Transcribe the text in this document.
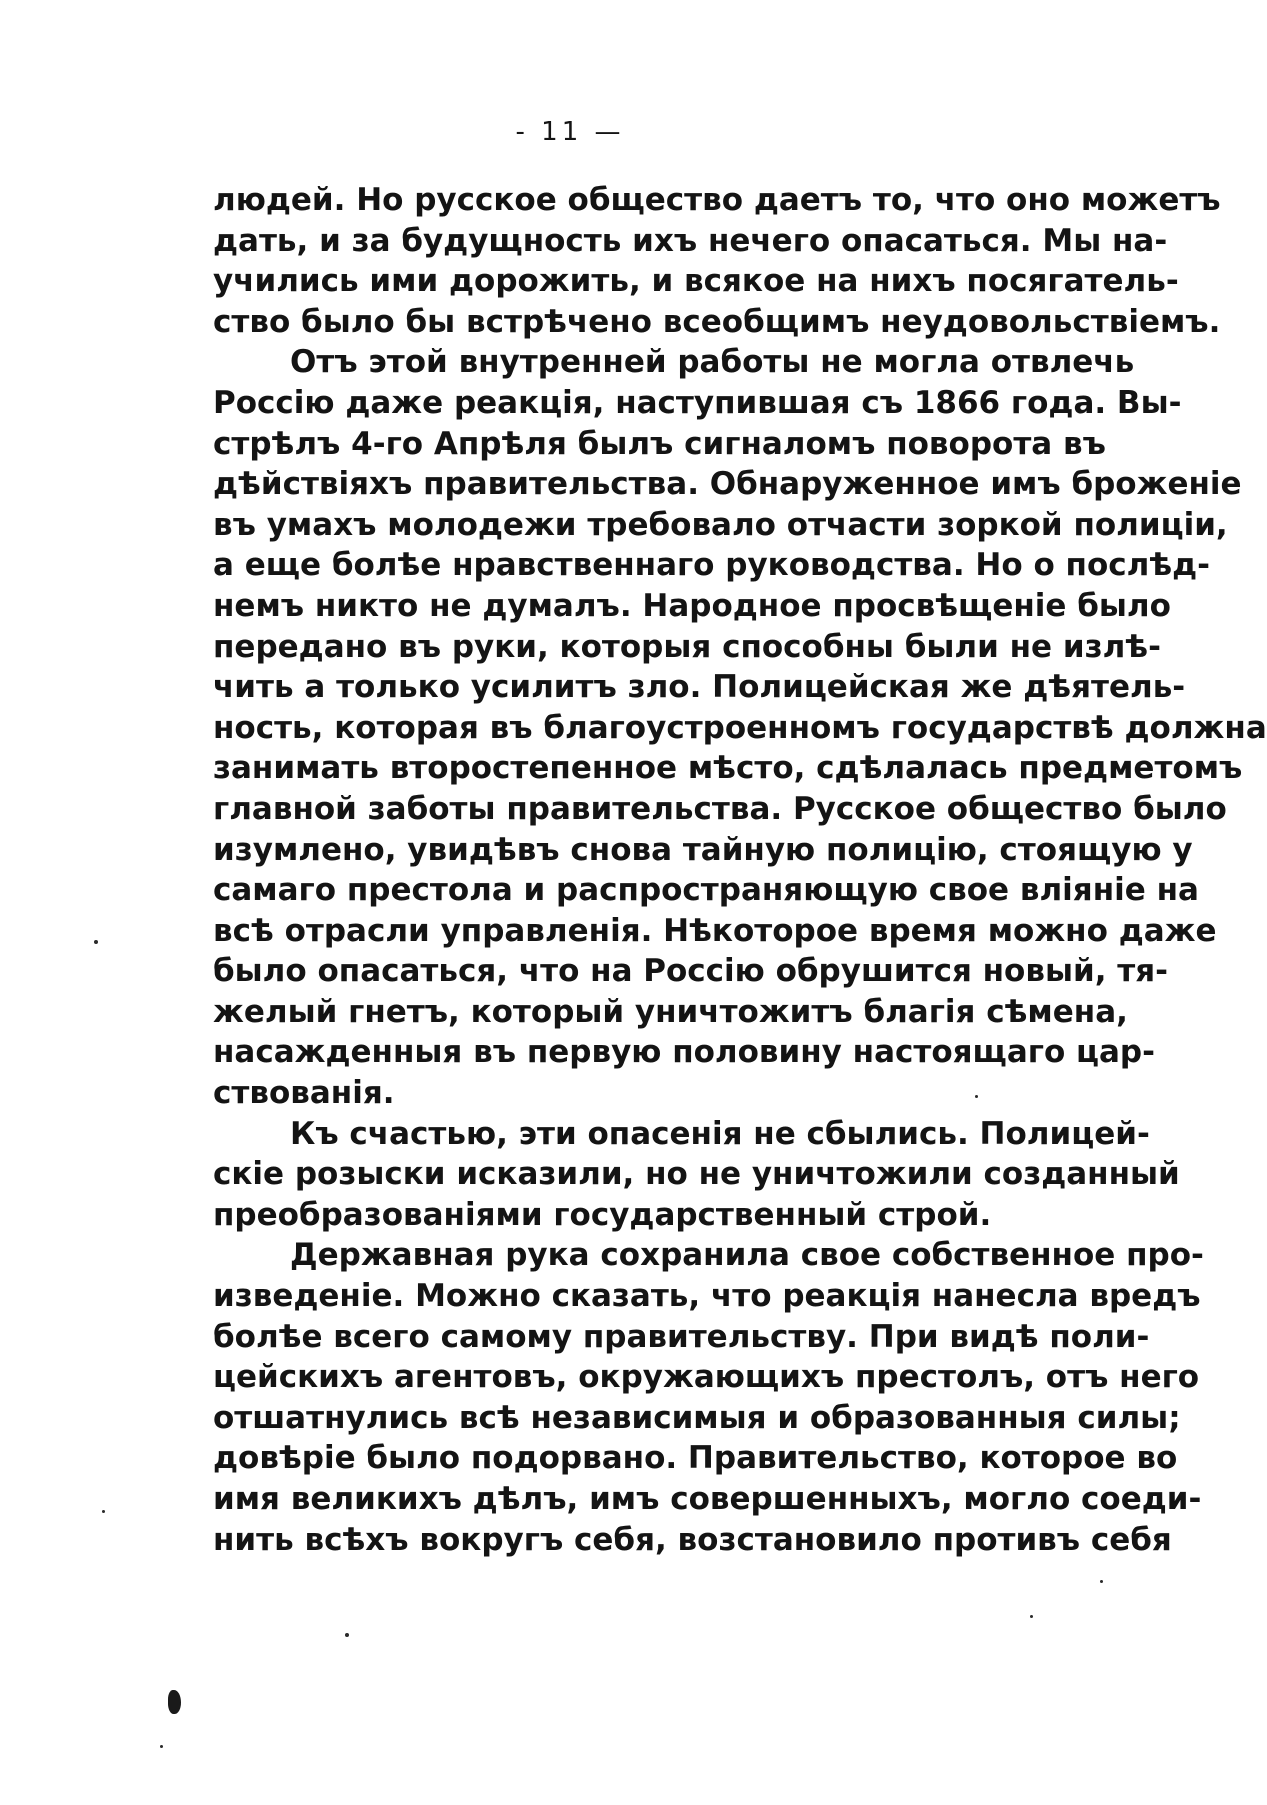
- 11 —
людей. Но русское общество даетъ то, что оно можетъ
дать, и за будущность ихъ нечего опасаться. Мы на-
учились ими дорожить, и всякое на нихъ посягатель-
ство было бы встрѣчено всеобщимъ неудовольствіемъ.
Отъ этой внутренней работы не могла отвлечь
Россію даже реакція, наступившая съ 1866 года. Вы-
стрѣлъ 4-го Апрѣля былъ сигналомъ поворота въ
дѣйствіяхъ правительства. Обнаруженное имъ броженіе
въ умахъ молодежи требовало отчасти зоркой полиціи,
а еще болѣе нравственнаго руководства. Но о послѣд-
немъ никто не думалъ. Народное просвѣщеніе было
передано въ руки, которыя способны были не излѣ-
чить а только усилитъ зло. Полицейская же дѣятель-
ность, которая въ благоустроенномъ государствѣ должна
занимать второстепенное мѣсто, сдѣлалась предметомъ
главной заботы правительства. Русское общество было
изумлено, увидѣвъ снова тайную полицію, стоящую у
самаго престола и распространяющую свое вліяніе на
всѣ отрасли управленія. Нѣкоторое время можно даже
было опасаться, что на Россію обрушится новый, тя-
желый гнетъ, который уничтожитъ благія сѣмена,
насажденныя въ первую половину настоящаго цар-
ствованія.
Къ счастью, эти опасенія не сбылись. Полицей-
скіе розыски исказили, но не уничтожили созданный
преобразованіями государственный строй.
Державная рука сохранила свое собственное про-
изведеніе. Можно сказать, что реакція нанесла вредъ
болѣе всего самому правительству. При видѣ поли-
цейскихъ агентовъ, окружающихъ престолъ, отъ него
отшатнулись всѣ независимыя и образованныя силы;
довѣріе было подорвано. Правительство, которое во
имя великихъ дѣлъ, имъ совершенныхъ, могло соеди-
нить всѣхъ вокругъ себя, возстановило противъ себя
